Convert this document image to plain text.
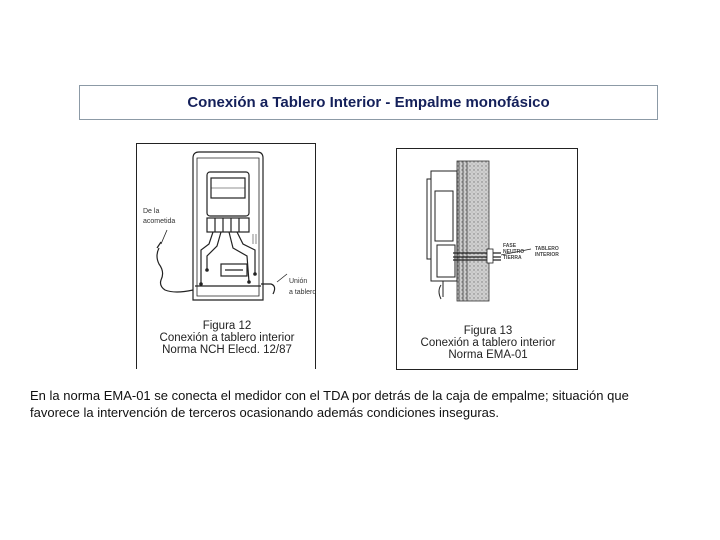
Conexión a Tablero Interior - Empalme monofásico
De la
acometida
Unión
a tablero
Figura 12
Conexión a tablero interior
Norma NCH Elecd. 12/87
FASE
NEUTRO
TIERRA
TABLERO
INTERIOR
Figura 13
Conexión a tablero interior
Norma EMA-01
En la norma EMA-01 se conecta el medidor con el TDA por detrás de la caja de empalme; situación que
favorece la intervención de terceros ocasionando además condiciones inseguras.
